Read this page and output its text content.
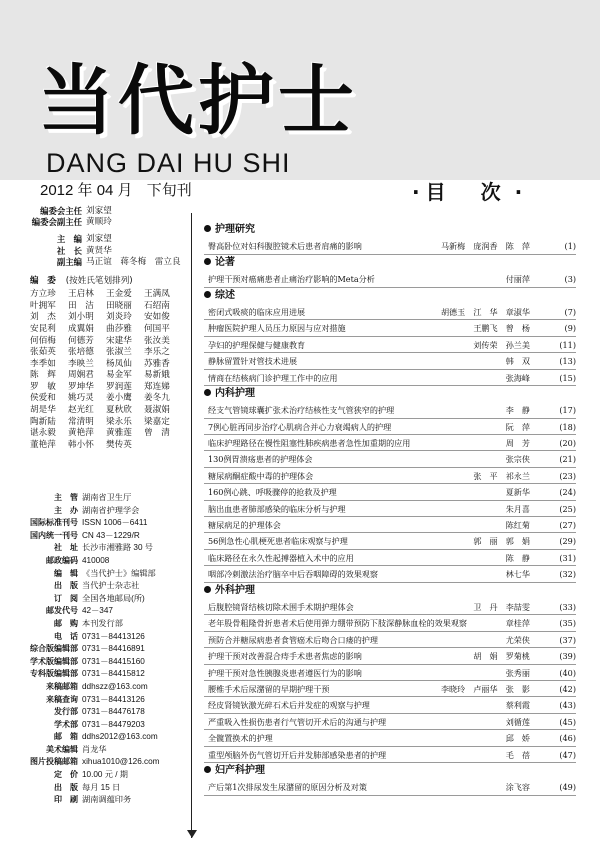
当代护士
DANG DAI HU SHI
2012 年 04 月 下旬刊	· 目 次·
编委会主任 刘家望
编委会副主任 黄顺玲
主　编 刘家望
社　长 黄贤华
副主编 马正谊　蒋冬梅　雷立良
编　委 (按姓氏笔划排列)
方立珍	王启林	王金爱	王满凤
叶拥军	田　洁	田晓丽	石绍南
刘　杰	刘小明	刘炎玲	安如俊
安昆利	成翼娟	曲莎雅	何国平
何佰梅	何德芳	宋建华	张汝美
张茹英	张培德	张淑兰	李乐之
李季如	李映兰	杨凤仙	苏雅香
陈　辉	周娴君	易金军	易新娥
罗　敏	罗坤华	罗润莲	郑连娣
侯爱和	姚巧灵	姜小鹰	姜冬九
胡是华	赵光红	夏秋欣	聂淑娟
陶新陆	常清明	梁永乐	梁嘉定
谌永毅	黄艳萍	黄雅莲	曾　清
董艳萍	韩小怀	樊传英
主　管 湖南省卫生厅
主　办 湖南省护理学会
国际标准刊号 ISSN 1006－6411
国内统一刊号 CN 43－1229/R
社　址 长沙市湘雅路 30 号
邮政编码 410008
编　辑 《当代护士》编辑部
出　版 当代护士杂志社
订　阅 全国各地邮局(所)
邮发代号 42－347
邮　购 本刊发行部
电　话 0731－84413126
综合版编辑部 0731－84416891
学术版编辑部 0731－84415160
专科版编辑部 0731－84415812
来稿邮箱 ddhszz@163.com
来稿查询 0731－84413126
发行部 0731－84476178
学术部 0731－84479203
邮　箱 ddhs2012@163.com
美术编辑 肖龙华
图片投稿邮箱 xihua1010@126.com
定　价 10.00 元 / 期
出　版 每月 15 日
印　刷 湖南调蕴印务
护理研究
臀高卧位对妇科腹腔镜术后患者肩痛的影响	马新梅　庞润香　陈　萍	(1)
论著
护理干预对癌痛患者止痛治疗影响的Meta分析	付丽萍	(3)
综述
密闭式吸痰的临床应用进展	胡德玉　江　华　章淑华	(7)
肿瘤医院护理人员压力原因与应对措施	王鹏飞　曾　杨	(9)
孕妇的护理保健与健康教育	刘传荣　孙兰美	(11)
静脉留置针对管技术进展	韩　双	(13)
情商在结核病门诊护理工作中的应用	张海峰	(15)
内科护理
经支气管镜球囊扩张术治疗结核性支气管狭窄的护理	李　静	(17)
7例心脏再同步治疗心肌病合并心力衰竭病人的护理	阮　萍	(18)
临床护理路径在慢性阻塞性肺疾病患者急性加重期的应用	周　芳	(20)
130例胃溃疡患者的护理体会	张宗侠	(21)
糖尿病酮症酸中毒的护理体会	张　平　祁永兰	(23)
160例心跳、呼吸骤停的抢救及护理	夏新华	(24)
脑出血患者肺部感染的临床分析与护理	朱月喜	(25)
糖尿病足的护理体会	陈红菊	(27)
56例急性心肌梗死患者临床观察与护理	郭　丽　郭　娟	(29)
临床路径在永久性起搏器植入术中的应用	陈　静	(31)
咽部冷刺激法治疗脑卒中后吞咽障碍的效果观察	林七华	(32)
外科护理
后腹腔镜肾结核切除术围手术期护理体会	卫　丹　李喆雯	(33)
老年股骨粗隆骨折患者术后使用弹力绷带预防下肢深静脉血栓的效果观察	章桂萍	(35)
预防合并糖尿病患者食管癌术后吻合口瘘的护理	尤荣侠	(37)
护理干预对改善混合痔手术患者焦虑的影响	胡　娟　罗菊桃	(39)
护理干预对急性胰腺炎患者遵医行为的影响	张秀丽	(40)
腰椎手术后尿潴留的早期护理干预	李晓玲　卢丽华　张　影	(42)
经皮肾镜钬激光碎石术后并发症的观察与护理	蔡利霞	(43)
严重吸入性损伤患者行气管切开术后的沟通与护理	刘循莲	(45)
全髋置换术的护理	邱　娇	(46)
重型颅脑外伤气管切开后并发肺部感染患者的护理	毛　蓓	(47)
妇产科护理
产后第1次排尿发生尿潴留的原因分析及对策	涂飞容	(49)
